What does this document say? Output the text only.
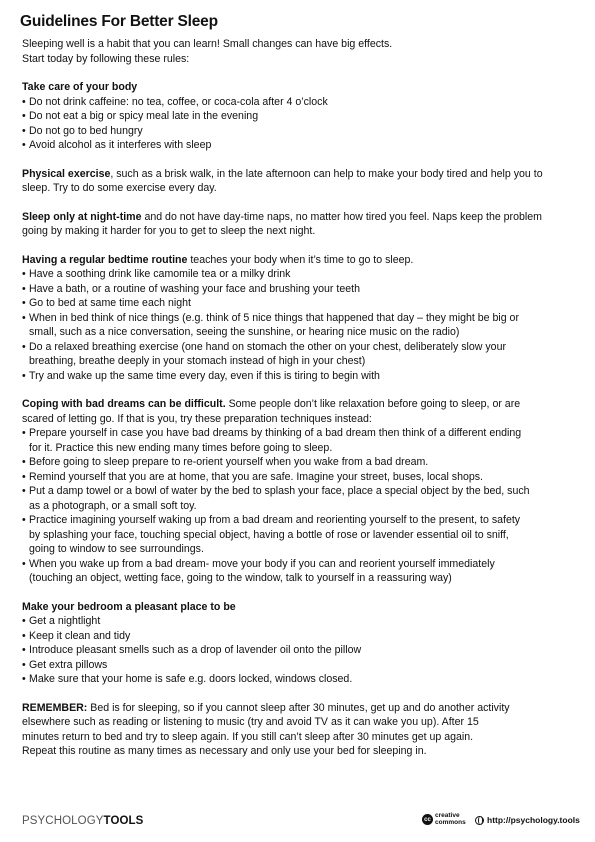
Guidelines For Better Sleep

Sleeping well is a habit that you can learn! Small changes can have big effects.

Start today by following these rules:

Take care of your body

• Do not drink caffeine: no tea, coffee, or coca-cola after 4 o’clock
• Do not eat a big or spicy meal late in the evening
• Do not go to bed hungry
• Avoid alcohol as it interferes with sleep

Physical exercise, such as a brisk walk, in the late afternoon can help to make your body tired and help you to

sleep. Try to do some exercise every day.

Sleep only at night-time and do not have day-time naps, no matter how tired you feel. Naps keep the problem

going by making it harder for you to get to sleep the next night.

Having a regular bedtime routine teaches your body when it’s time to go to sleep.

• Have a soothing drink like camomile tea or a milky drink
• Have a bath, or a routine of washing your face and brushing your teeth
• Go to bed at same time each night
• When in bed think of nice things (e.g. think of 5 nice things that happened that day – they might be big or
small, such as a nice conversation, seeing the sunshine, or hearing nice music on the radio)
• Do a relaxed breathing exercise (one hand on stomach the other on your chest, deliberately slow your
breathing, breathe deeply in your stomach instead of high in your chest)
• Try and wake up the same time every day, even if this is tiring to begin with

Coping with bad dreams can be difficult. Some people don’t like relaxation before going to sleep, or are

scared of letting go. If that is you, try these preparation techniques instead:

• Prepare yourself in case you have bad dreams by thinking of a bad dream then think of a different ending
for it. Practice this new ending many times before going to sleep.
• Before going to sleep prepare to re-orient yourself when you wake from a bad dream.
• Remind yourself that you are at home, that you are safe. Imagine your street, buses, local shops.
• Put a damp towel or a bowl of water by the bed to splash your face, place a special object by the bed, such
as a photograph, or a small soft toy.
• Practice imagining yourself waking up from a bad dream and reorienting yourself to the present, to safety
by splashing your face, touching special object, having a bottle of rose or lavender essential oil to sniff,
going to window to see surroundings.
• When you wake up from a bad dream- move your body if you can and reorient yourself immediately
(touching an object, wetting face, going to the window, talk to yourself in a reassuring way)

Make your bedroom a pleasant place to be

• Get a nightlight
• Keep it clean and tidy
• Introduce pleasant smells such as a drop of lavender oil onto the pillow
• Get extra pillows
• Make sure that your home is safe e.g. doors locked, windows closed.

REMEMBER: Bed is for sleeping, so if you cannot sleep after 30 minutes, get up and do another activity

elsewhere such as reading or listening to music (try and avoid TV as it can wake you up). After 15

minutes return to bed and try to sleep again. If you still can’t sleep after 30 minutes get up again.

Repeat this routine as many times as necessary and only use your bed for sleeping in.

PSYCHOLOGYTOOLS	cc
creative
commons	http://psychology.tools
